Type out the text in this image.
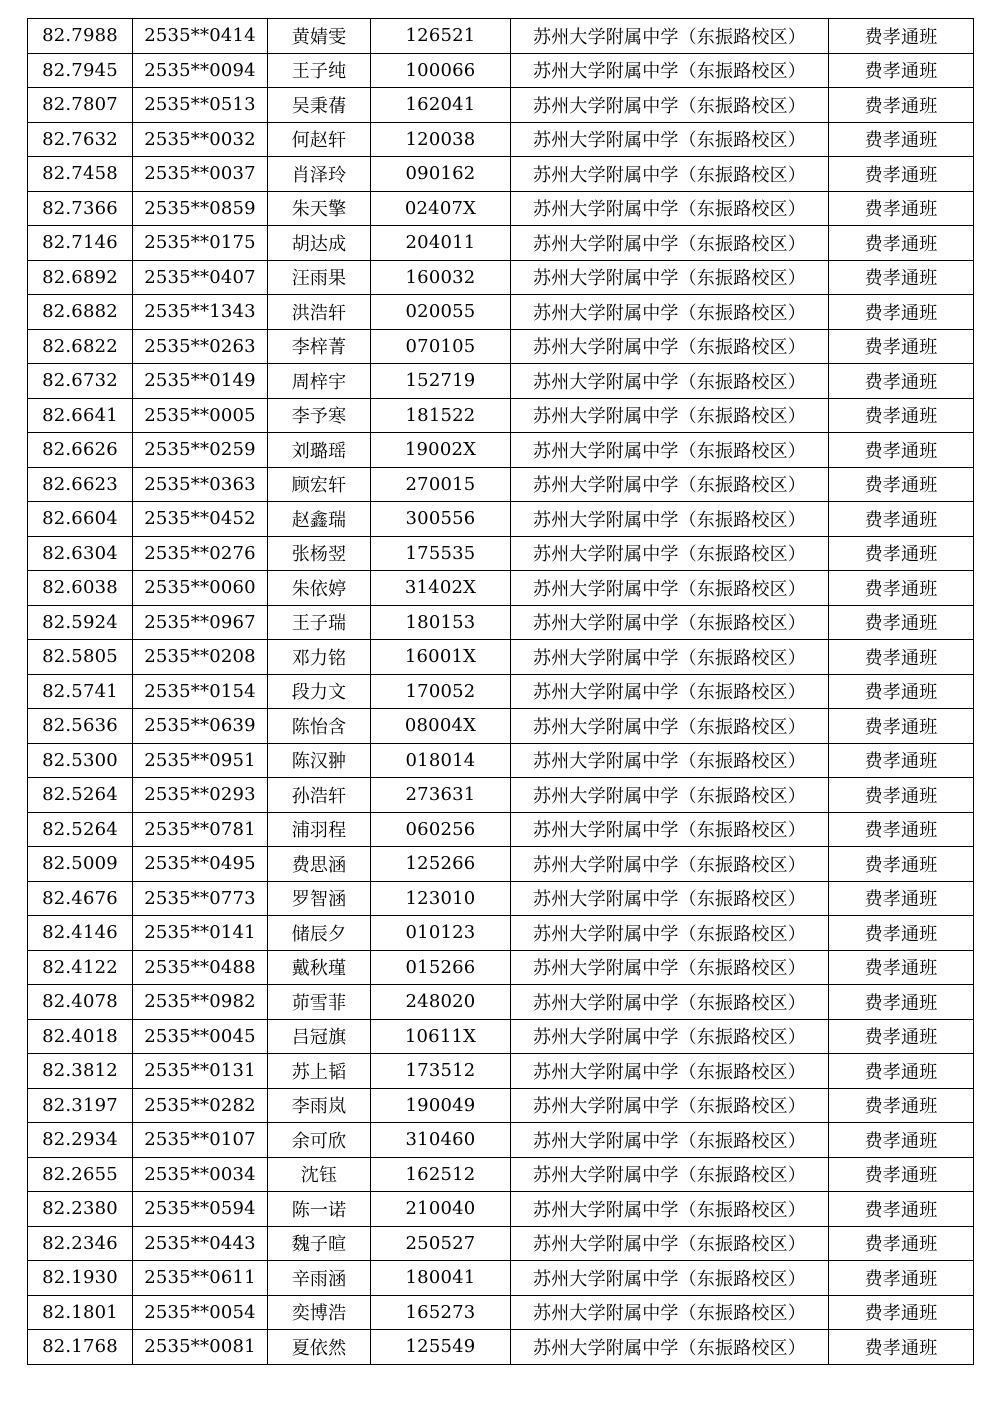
82.7988	2535**0414	黄婧雯	126521	苏州大学附属中学（东振路校区）	费孝通班
82.7945	2535**0094	王子纯	100066	苏州大学附属中学（东振路校区）	费孝通班
82.7807	2535**0513	吴秉蒨	162041	苏州大学附属中学（东振路校区）	费孝通班
82.7632	2535**0032	何赵轩	120038	苏州大学附属中学（东振路校区）	费孝通班
82.7458	2535**0037	肖泽玲	090162	苏州大学附属中学（东振路校区）	费孝通班
82.7366	2535**0859	朱天擎	02407X	苏州大学附属中学（东振路校区）	费孝通班
82.7146	2535**0175	胡达成	204011	苏州大学附属中学（东振路校区）	费孝通班
82.6892	2535**0407	汪雨果	160032	苏州大学附属中学（东振路校区）	费孝通班
82.6882	2535**1343	洪浩轩	020055	苏州大学附属中学（东振路校区）	费孝通班
82.6822	2535**0263	李梓菁	070105	苏州大学附属中学（东振路校区）	费孝通班
82.6732	2535**0149	周梓宇	152719	苏州大学附属中学（东振路校区）	费孝通班
82.6641	2535**0005	李予寒	181522	苏州大学附属中学（东振路校区）	费孝通班
82.6626	2535**0259	刘璐瑶	19002X	苏州大学附属中学（东振路校区）	费孝通班
82.6623	2535**0363	顾宏轩	270015	苏州大学附属中学（东振路校区）	费孝通班
82.6604	2535**0452	赵鑫瑞	300556	苏州大学附属中学（东振路校区）	费孝通班
82.6304	2535**0276	张杨翌	175535	苏州大学附属中学（东振路校区）	费孝通班
82.6038	2535**0060	朱依婷	31402X	苏州大学附属中学（东振路校区）	费孝通班
82.5924	2535**0967	王子瑞	180153	苏州大学附属中学（东振路校区）	费孝通班
82.5805	2535**0208	邓力铭	16001X	苏州大学附属中学（东振路校区）	费孝通班
82.5741	2535**0154	段力文	170052	苏州大学附属中学（东振路校区）	费孝通班
82.5636	2535**0639	陈怡含	08004X	苏州大学附属中学（东振路校区）	费孝通班
82.5300	2535**0951	陈汉翀	018014	苏州大学附属中学（东振路校区）	费孝通班
82.5264	2535**0293	孙浩轩	273631	苏州大学附属中学（东振路校区）	费孝通班
82.5264	2535**0781	浦羽程	060256	苏州大学附属中学（东振路校区）	费孝通班
82.5009	2535**0495	费思涵	125266	苏州大学附属中学（东振路校区）	费孝通班
82.4676	2535**0773	罗智涵	123010	苏州大学附属中学（东振路校区）	费孝通班
82.4146	2535**0141	储辰夕	010123	苏州大学附属中学（东振路校区）	费孝通班
82.4122	2535**0488	戴秋瑾	015266	苏州大学附属中学（东振路校区）	费孝通班
82.4078	2535**0982	茆雪菲	248020	苏州大学附属中学（东振路校区）	费孝通班
82.4018	2535**0045	吕冠旗	10611X	苏州大学附属中学（东振路校区）	费孝通班
82.3812	2535**0131	苏上韬	173512	苏州大学附属中学（东振路校区）	费孝通班
82.3197	2535**0282	李雨岚	190049	苏州大学附属中学（东振路校区）	费孝通班
82.2934	2535**0107	余可欣	310460	苏州大学附属中学（东振路校区）	费孝通班
82.2655	2535**0034	沈钰	162512	苏州大学附属中学（东振路校区）	费孝通班
82.2380	2535**0594	陈一诺	210040	苏州大学附属中学（东振路校区）	费孝通班
82.2346	2535**0443	魏子暄	250527	苏州大学附属中学（东振路校区）	费孝通班
82.1930	2535**0611	辛雨涵	180041	苏州大学附属中学（东振路校区）	费孝通班
82.1801	2535**0054	奕博浩	165273	苏州大学附属中学（东振路校区）	费孝通班
82.1768	2535**0081	夏依然	125549	苏州大学附属中学（东振路校区）	费孝通班
